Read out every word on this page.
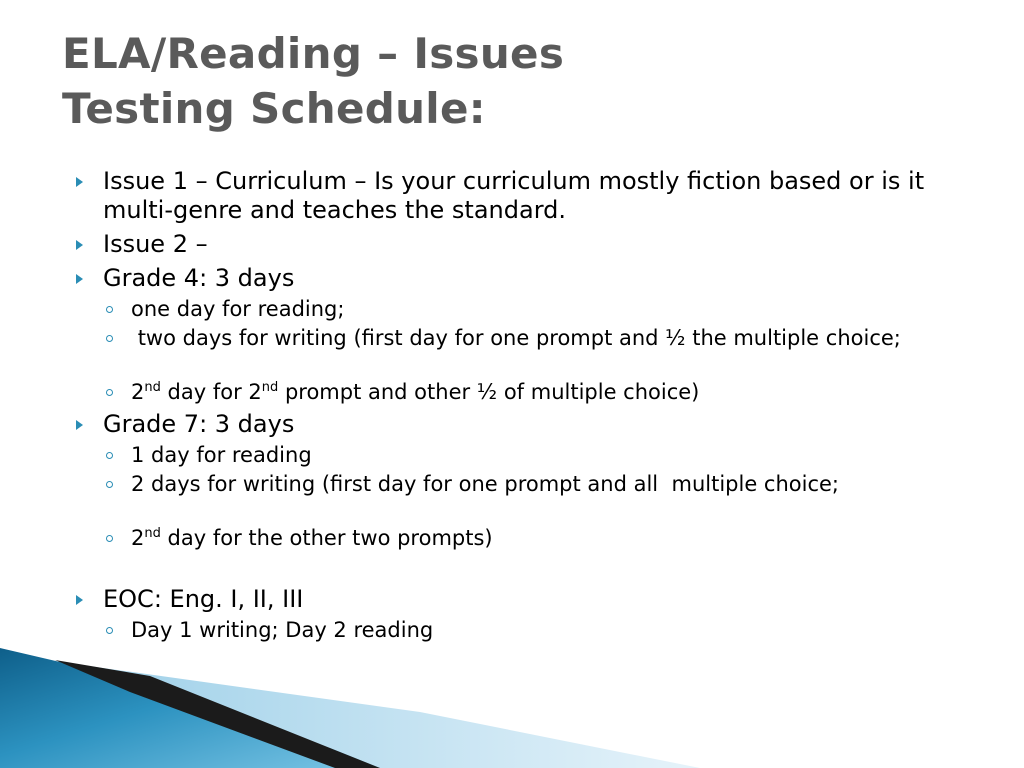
ELA/Reading – Issues
Testing Schedule:
Issue 1 – Curriculum – Is your curriculum mostly fiction based or is it multi-genre and teaches the standard.
Issue 2 –
Grade 4: 3 days
one day for reading;
two days for writing (first day for one prompt and ½ the multiple choice;
2nd day for 2nd prompt and other ½ of multiple choice)
Grade 7: 3 days
1 day for reading
2 days for writing (first day for one prompt and all  multiple choice;
2nd day for the other two prompts)
EOC: Eng. I, II, III
Day 1 writing; Day 2 reading
